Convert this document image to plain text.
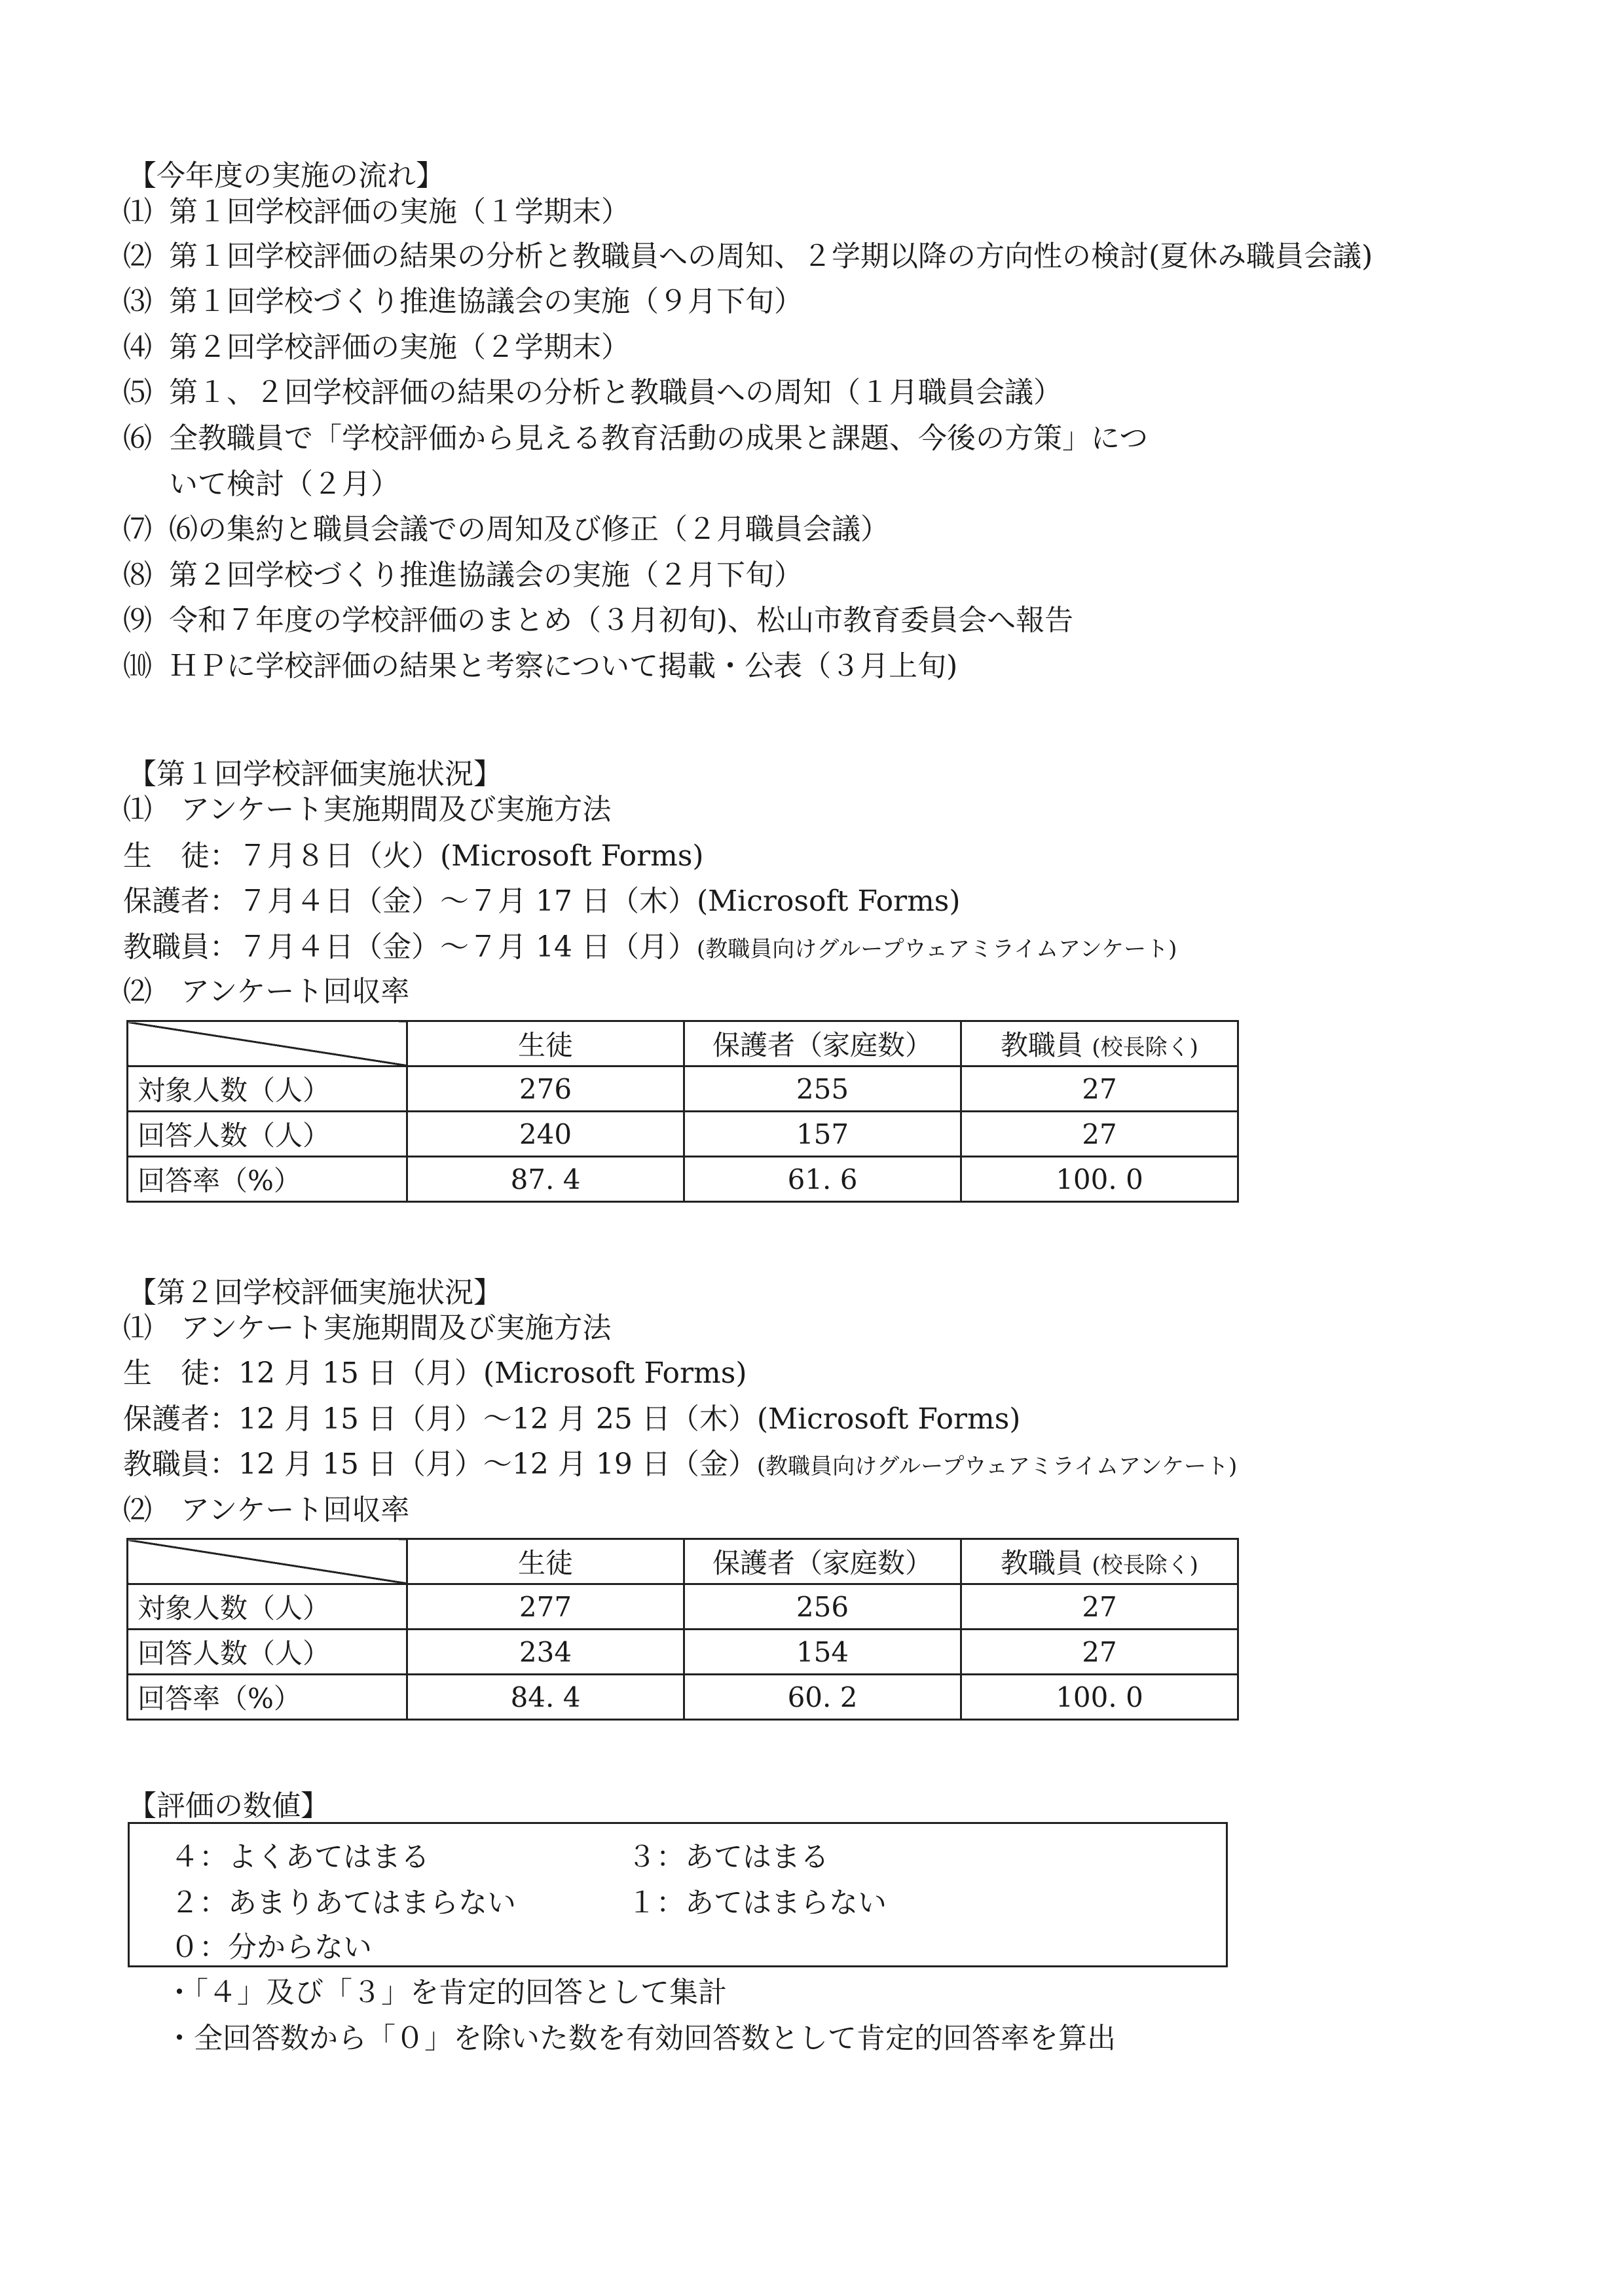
【今年度の実施の流れ】
⑴ 第１回学校評価の実施（１学期末）
⑵ 第１回学校評価の結果の分析と教職員への周知、２学期以降の方向性の検討(夏休み職員会議)
⑶ 第１回学校づくり推進協議会の実施（９月下旬）
⑷ 第２回学校評価の実施（２学期末）
⑸ 第１、２回学校評価の結果の分析と教職員への周知（１月職員会議）
⑹ 全教職員で「学校評価から見える教育活動の成果と課題、今後の方策」につ
いて検討（２月）
⑺ ⑹の集約と職員会議での周知及び修正（２月職員会議）
⑻ 第２回学校づくり推進協議会の実施（２月下旬）
⑼ 令和７年度の学校評価のまとめ（３月初旬)、松山市教育委員会へ報告
⑽ ＨＰに学校評価の結果と考察について掲載・公表（３月上旬)
【第１回学校評価実施状況】
⑴　アンケート実施期間及び実施方法
生　徒：７月８日（火）(Microsoft Forms)
保護者：７月４日（金）～７月 17 日（木）(Microsoft Forms)
教職員：７月４日（金）～７月 14 日（月）(教職員向けグループウェアミライムアンケート)
⑵　アンケート回収率
	生徒	保護者（家庭数）	教職員 (校長除く)
対象人数（人）	276	255	27
回答人数（人）	240	157	27
回答率（%）	87. 4	61. 6	100. 0
【第２回学校評価実施状況】
⑴　アンケート実施期間及び実施方法
生　徒：12 月 15 日（月）(Microsoft Forms)
保護者：12 月 15 日（月）～12 月 25 日（木）(Microsoft Forms)
教職員：12 月 15 日（月）～12 月 19 日（金）(教職員向けグループウェアミライムアンケート)
⑵　アンケート回収率
	生徒	保護者（家庭数）	教職員 (校長除く)
対象人数（人）	277	256	27
回答人数（人）	234	154	27
回答率（%）	84. 4	60. 2	100. 0
【評価の数値】
４：よくあてはまる	３：あてはまる
２：あまりあてはまらない	１：あてはまらない
０：分からない
・「４」及び「３」を肯定的回答として集計
・全回答数から「０」を除いた数を有効回答数として肯定的回答率を算出
